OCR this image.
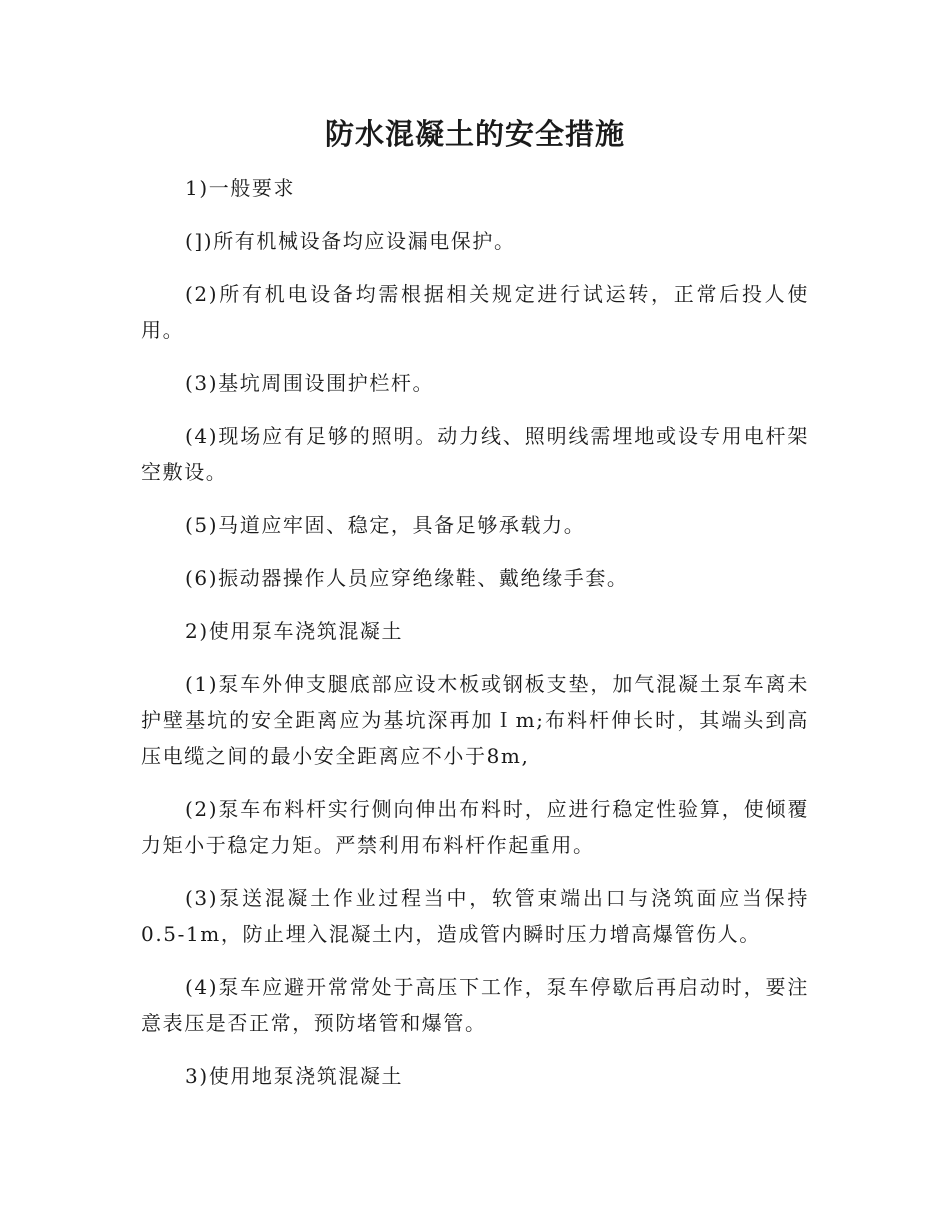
防水混凝土的安全措施

1)一般要求

(])所有机械设备均应设漏电保护。

(2)所有机电设备均需根据相关规定进行试运转，正常后投人使用。

(3)基坑周围设围护栏杆。

(4)现场应有足够的照明。动力线、照明线需埋地或设专用电杆架空敷设。

(5)马道应牢固、稳定，具备足够承载力。

(6)振动器操作人员应穿绝缘鞋、戴绝缘手套。

2)使用泵车浇筑混凝土

(1)泵车外伸支腿底部应设木板或钢板支垫，加气混凝土泵车离未护壁基坑的安全距离应为基坑深再加Ｉm;布料杆伸长时，其端头到高压电缆之间的最小安全距离应不小于8m,

(2)泵车布料杆实行侧向伸出布料时，应进行稳定性验算，使倾覆力矩小于稳定力矩。严禁利用布料杆作起重用。

(3)泵送混凝土作业过程当中，软管束端出口与浇筑面应当保持0.5-1m，防止埋入混凝土内，造成管内瞬时压力增高爆管伤人。

(4)泵车应避开常常处于高压下工作，泵车停歇后再启动时，要注意表压是否正常，预防堵管和爆管。

3)使用地泵浇筑混凝土
